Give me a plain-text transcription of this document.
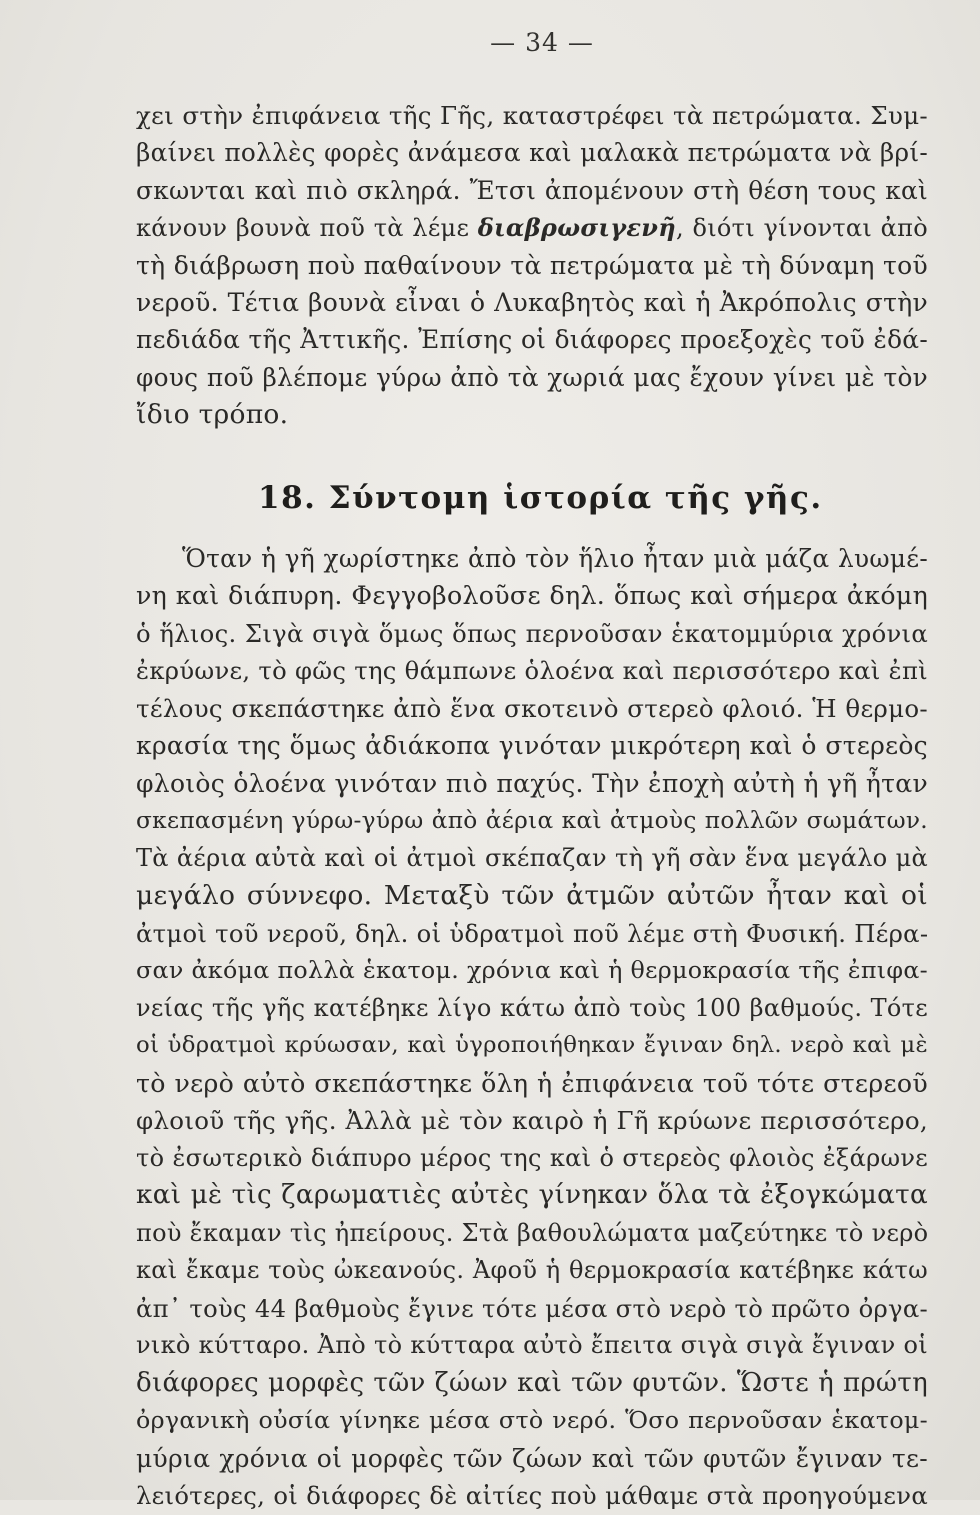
— 34 —
χει στὴν ἐπιφάνεια τῆς Γῆς, καταστρέφει τὰ πετρώματα. Συμ-
βαίνει πολλὲς φορὲς ἀνάμεσα καὶ μαλακὰ πετρώματα νὰ βρί-
σκωνται καὶ πιὸ σκληρά. Ἔτσι ἀπομένουν στὴ θέση τους καὶ
κάνουν βουνὰ ποῦ τὰ λέμε διαβρωσιγενῆ, διότι γίνονται ἀπὸ
τὴ διάβρωση ποὺ παθαίνουν τὰ πετρώματα μὲ τὴ δύναμη τοῦ
νεροῦ. Τέτια βουνὰ εἶναι ὁ Λυκαβητὸς καὶ ἡ Ἀκρόπολις στὴν
πεδιάδα τῆς Ἀττικῆς. Ἐπίσης οἱ διάφορες προεξοχὲς τοῦ ἐδά-
φους ποῦ βλέπομε γύρω ἀπὸ τὰ χωριά μας ἔχουν γίνει μὲ τὸν
ἴδιο τρόπο.
18. Σύντομη ἱστορία τῆς γῆς.
Ὅταν ἡ γῆ χωρίστηκε ἀπὸ τὸν ἥλιο ἦταν μιὰ μάζα λυωμέ-
νη καὶ διάπυρη. Φεγγοβολοῦσε δηλ. ὅπως καὶ σήμερα ἀκόμη
ὁ ἥλιος. Σιγὰ σιγὰ ὅμως ὅπως περνοῦσαν ἑκατομμύρια χρόνια
ἐκρύωνε, τὸ φῶς της θάμπωνε ὁλοένα καὶ περισσότερο καὶ ἐπὶ
τέλους σκεπάστηκε ἀπὸ ἕνα σκοτεινὸ στερεὸ φλοιό. Ἡ θερμο-
κρασία της ὅμως ἀδιάκοπα γινόταν μικρότερη καὶ ὁ στερεὸς
φλοιὸς ὁλοένα γινόταν πιὸ παχύς. Τὴν ἐποχὴ αὐτὴ ἡ γῆ ἦταν
σκεπασμένη γύρω-γύρω ἀπὸ ἀέρια καὶ ἀτμοὺς πολλῶν σωμάτων.
Τὰ ἀέρια αὐτὰ καὶ οἱ ἀτμοὶ σκέπαζαν τὴ γῆ σὰν ἕνα μεγάλο μὰ
μεγάλο σύννεφο. Μεταξὺ τῶν ἀτμῶν αὐτῶν ἦταν καὶ οἱ
ἀτμοὶ τοῦ νεροῦ, δηλ. οἱ ὑδρατμοὶ ποῦ λέμε στὴ Φυσική. Πέρα-
σαν ἀκόμα πολλὰ ἑκατομ. χρόνια καὶ ἡ θερμοκρασία τῆς ἐπιφα-
νείας τῆς γῆς κατέβηκε λίγο κάτω ἀπὸ τοὺς 100 βαθμούς. Τότε
οἱ ὑδρατμοὶ κρύωσαν, καὶ ὑγροποιήθηκαν ἔγιναν δηλ. νερὸ καὶ μὲ
τὸ νερὸ αὐτὸ σκεπάστηκε ὅλη ἡ ἐπιφάνεια τοῦ τότε στερεοῦ
φλοιοῦ τῆς γῆς. Ἀλλὰ μὲ τὸν καιρὸ ἡ Γῆ κρύωνε περισσότερο,
τὸ ἐσωτερικὸ διάπυρο μέρος της καὶ ὁ στερεὸς φλοιὸς ἐξάρωνε
καὶ μὲ τὶς ζαρωματιὲς αὐτὲς γίνηκαν ὅλα τὰ ἐξογκώματα
ποὺ ἔκαμαν τὶς ἠπείρους. Στὰ βαθουλώματα μαζεύτηκε τὸ νερὸ
καὶ ἔκαμε τοὺς ὠκεανούς. Ἀφοῦ ἡ θερμοκρασία κατέβηκε κάτω
ἀπ᾽ τοὺς 44 βαθμοὺς ἔγινε τότε μέσα στὸ νερὸ τὸ πρῶτο ὀργα-
νικὸ κύτταρο. Ἀπὸ τὸ κύτταρα αὐτὸ ἔπειτα σιγὰ σιγὰ ἔγιναν οἱ
διάφορες μορφὲς τῶν ζώων καὶ τῶν φυτῶν. Ὥστε ἡ πρώτη
ὀργανικὴ οὐσία γίνηκε μέσα στὸ νερό. Ὅσο περνοῦσαν ἑκατομ-
μύρια χρόνια οἱ μορφὲς τῶν ζώων καὶ τῶν φυτῶν ἔγιναν τε-
λειότερες, οἱ διάφορες δὲ αἰτίες ποὺ μάθαμε στὰ προηγούμενα
